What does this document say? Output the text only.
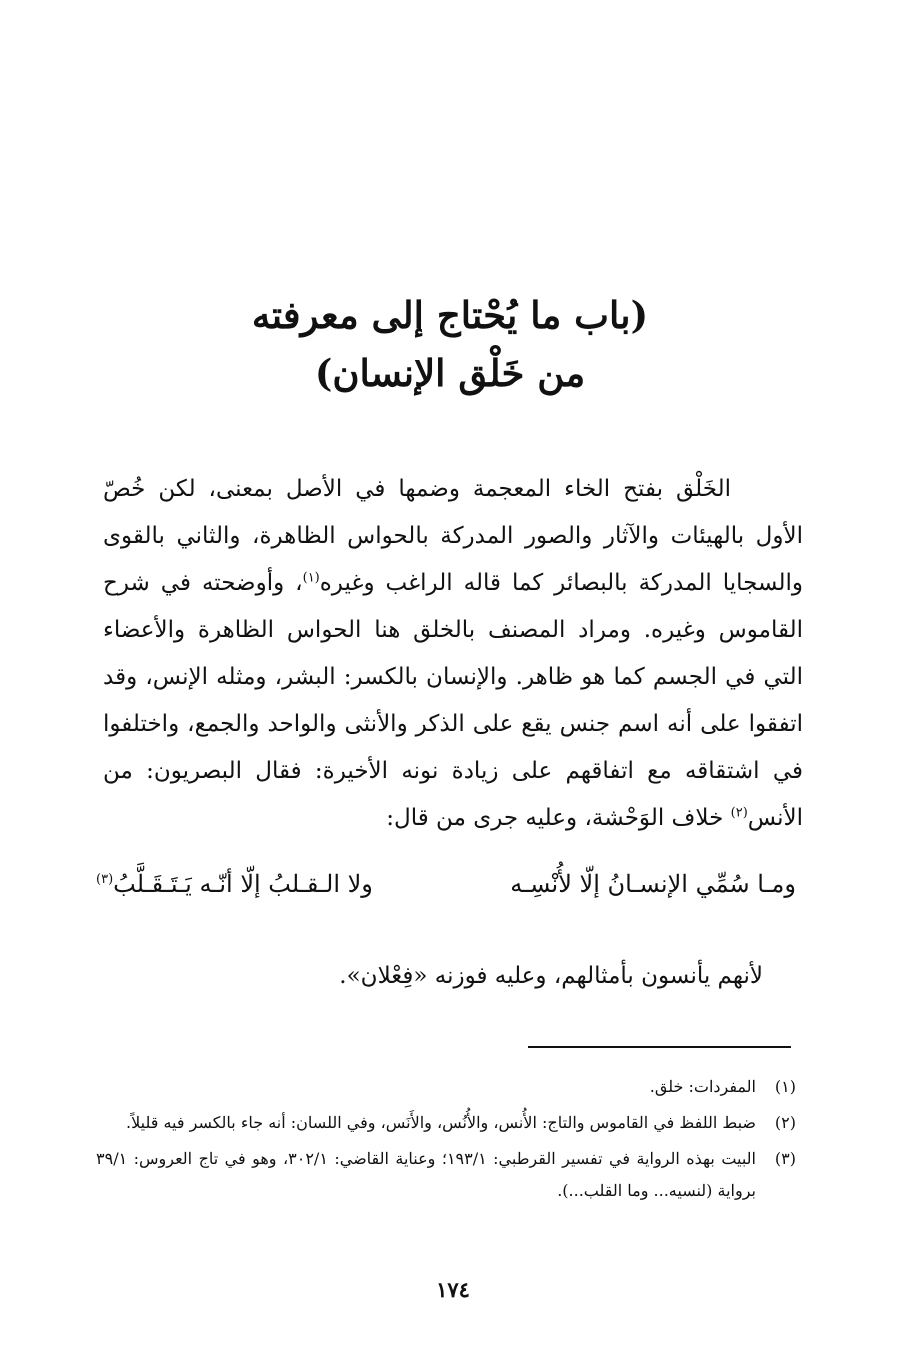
(باب ما يُحْتاج إلى معرفته
من خَلْق الإنسان)

الخَلْق بفتح الخاء المعجمة وضمها في الأصل بمعنى، لكن خُصّ الأول بالهيئات والآثار والصور المدركة بالحواس الظاهرة، والثاني بالقوى والسجايا المدركة بالبصائر كما قاله الراغب وغيره$^{(١)}$، وأوضحته في شرح القاموس وغيره. ومراد المصنف بالخلق هنا الحواس الظاهرة والأعضاء التي في الجسم كما هو ظاهر. والإنسان بالكسر: البشر، ومثله الإنس، وقد اتفقوا على أنه اسم جنس يقع على الذكر والأنثى والواحد والجمع، واختلفوا في اشتقاقه مع اتفاقهم على زيادة نونه الأخيرة: فقال البصريون: من الأنس$^{(٢)}$ خلاف الوَحْشة، وعليه جرى من قال:

ومـا سُمِّي الإنسـانُ إلّا لأُنْسِـه
ولا الـقـلبُ إلّا أنّـه يَـتَـقَـلَّبُ$^{(٣)}$
لأنهم يأنسون بأمثالهم، وعليه فوزنه «فِعْلان».
(١)
المفردات: خلق.
(٢)
ضبط اللفظ في القاموس والتاج: الأُنس، والأُنُس، والأَنَس، وفي اللسان: أنه جاء بالكسر فيه قليلاً.
(٣)
البيت بهذه الرواية في تفسير القرطبي: ١٩٣/١؛ وعناية القاضي: ٣٠٢/١، وهو في تاج العروس: ٣٩/١ برواية (لنسيه... وما القلب...).
١٧٤
